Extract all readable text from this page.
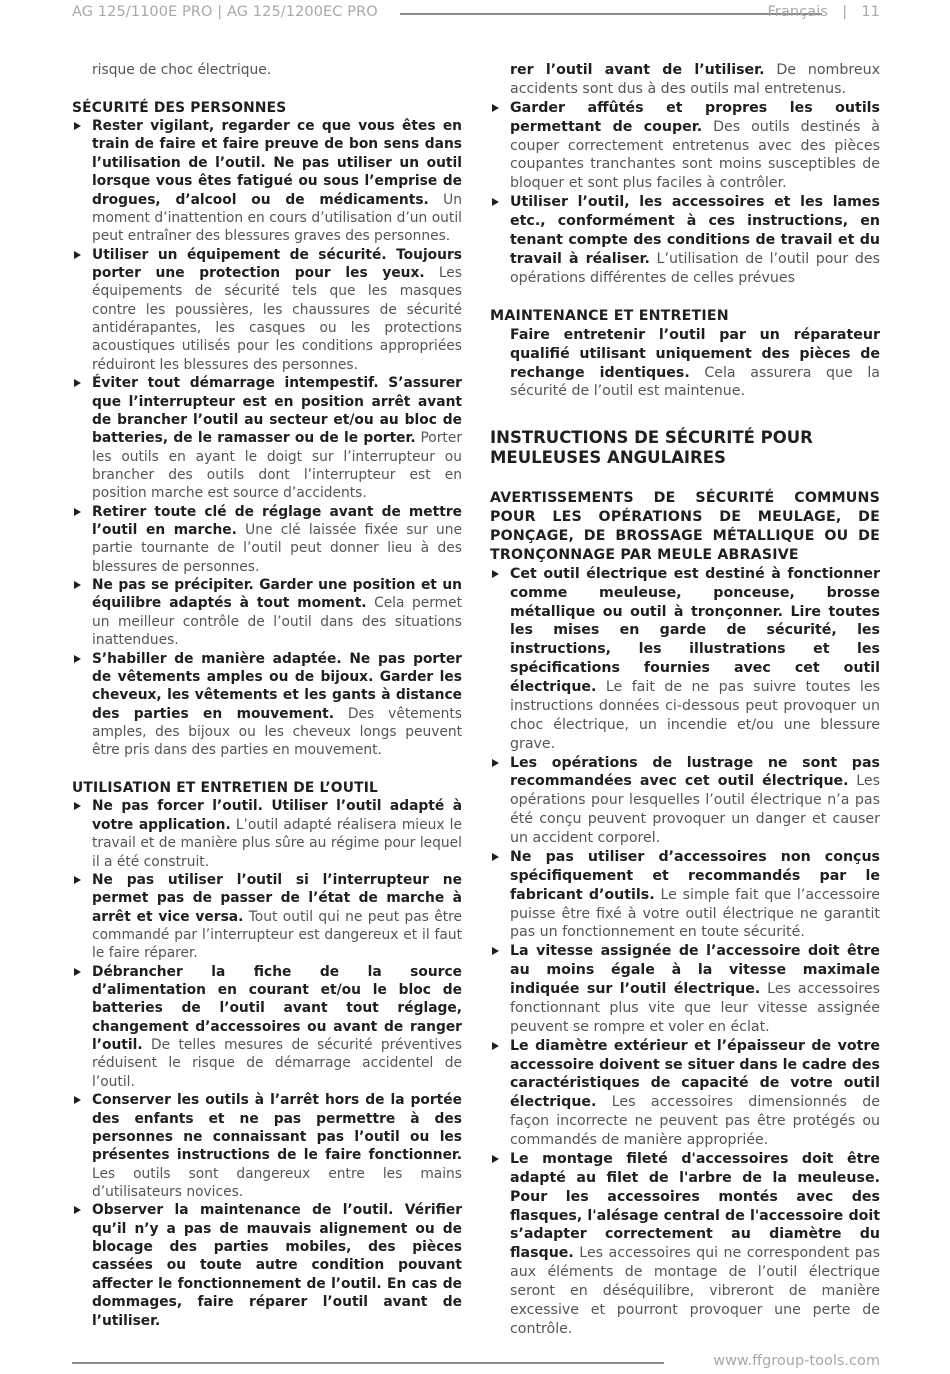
AG 125/1100E PRO | AG 125/1200EC PRO	Français | 11

risque de choc électrique.

SÉCURITÉ DES PERSONNES

Rester vigilant, regarder ce que vous êtes en train de faire et faire preuve de bon sens dans l’utilisation de l’outil. Ne pas utiliser un outil lorsque vous êtes fatigué ou sous l’emprise de drogues, d’alcool ou de médicaments. Un moment d’inattention en cours d’utilisation d’un outil peut entraîner des blessures graves des personnes.
Utiliser un équipement de sécurité. Toujours porter une protection pour les yeux. Les équipements de sécurité tels que les masques contre les poussières, les chaussures de sécurité antidérapantes, les casques ou les protections acoustiques utilisés pour les conditions appropriées réduiront les blessures des personnes.
Éviter tout démarrage intempestif. S’assurer que l’interrupteur est en position arrêt avant de brancher l’outil au secteur et/ou au bloc de batteries, de le ramasser ou de le porter. Porter les outils en ayant le doigt sur l’interrupteur ou brancher des outils dont l’interrupteur est en position marche est source d’accidents.
Retirer toute clé de réglage avant de mettre l’outil en marche. Une clé laissée fixée sur une partie tournante de l’outil peut donner lieu à des blessures de personnes.
Ne pas se précipiter. Garder une position et un équilibre adaptés à tout moment. Cela permet un meilleur contrôle de l’outil dans des situations inattendues.
S’habiller de manière adaptée. Ne pas porter de vêtements amples ou de bijoux. Garder les cheveux, les vêtements et les gants à distance des parties en mouvement. Des vêtements amples, des bijoux ou les cheveux longs peuvent être pris dans des parties en mouvement.

UTILISATION ET ENTRETIEN DE L’OUTIL

Ne pas forcer l’outil. Utiliser l’outil adapté à votre application. L’outil adapté réalisera mieux le travail et de manière plus sûre au régime pour lequel il a été construit.
Ne pas utiliser l’outil si l’interrupteur ne permet pas de passer de l’état de marche à arrêt et vice versa. Tout outil qui ne peut pas être commandé par l’interrupteur est dangereux et il faut le faire réparer.
Débrancher la fiche de la source d’alimentation en courant et/ou le bloc de batteries de l’outil avant tout réglage, changement d’accessoires ou avant de ranger l’outil. De telles mesures de sécurité préventives réduisent le risque de démarrage accidentel de l’outil.
Conserver les outils à l’arrêt hors de la portée des enfants et ne pas permettre à des personnes ne connaissant pas l’outil ou les présentes instructions de le faire fonctionner. Les outils sont dangereux entre les mains d’utilisateurs novices.
Observer la maintenance de l’outil. Vérifier qu’il n’y a pas de mauvais alignement ou de blocage des parties mobiles, des pièces cassées ou toute autre condition pouvant affecter le fonctionnement de l’outil. En cas de dommages, faire réparer l’outil avant de l’utiliser.

rer l’outil avant de l’utiliser. De nombreux accidents sont dus à des outils mal entretenus.

Garder affûtés et propres les outils permettant de couper. Des outils destinés à couper correctement entretenus avec des pièces coupantes tranchantes sont moins susceptibles de bloquer et sont plus faciles à contrôler.
Utiliser l’outil, les accessoires et les lames etc., conformément à ces instructions, en tenant compte des conditions de travail et du travail à réaliser. L’utilisation de l’outil pour des opérations différentes de celles prévues

MAINTENANCE ET ENTRETIEN

Faire entretenir l’outil par un réparateur qualifié utilisant uniquement des pièces de rechange identiques. Cela assurera que la sécurité de l’outil est maintenue.

INSTRUCTIONS DE SÉCURITÉ POUR MEULEUSES ANGULAIRES

AVERTISSEMENTS DE SÉCURITÉ COMMUNS POUR LES OPÉRATIONS DE MEULAGE, DE PONÇAGE, DE BROSSAGE MÉTALLIQUE OU DE TRONÇONNAGE PAR MEULE ABRASIVE

Cet outil électrique est destiné à fonctionner comme meuleuse, ponceuse, brosse métallique ou outil à tronçonner. Lire toutes les mises en garde de sécurité, les instructions, les illustrations et les spécifications fournies avec cet outil électrique. Le fait de ne pas suivre toutes les instructions données ci-dessous peut provoquer un choc électrique, un incendie et/ou une blessure grave.
Les opérations de lustrage ne sont pas recommandées avec cet outil électrique. Les opérations pour lesquelles l’outil électrique n’a pas été conçu peuvent provoquer un danger et causer un accident corporel.
Ne pas utiliser d’accessoires non conçus spécifiquement et recommandés par le fabricant d’outils. Le simple fait que l’accessoire puisse être fixé à votre outil électrique ne garantit pas un fonctionnement en toute sécurité.
La vitesse assignée de l’accessoire doit être au moins égale à la vitesse maximale indiquée sur l’outil électrique. Les accessoires fonctionnant plus vite que leur vitesse assignée peuvent se rompre et voler en éclat.
Le diamètre extérieur et l’épaisseur de votre accessoire doivent se situer dans le cadre des caractéristiques de capacité de votre outil électrique. Les accessoires dimensionnés de façon incorrecte ne peuvent pas être protégés ou commandés de manière appropriée.
Le montage fileté d'accessoires doit être adapté au filet de l'arbre de la meuleuse. Pour les accessoires montés avec des flasques, l'alésage central de l'accessoire doit s’adapter correctement au diamètre du flasque. Les accessoires qui ne correspondent pas aux éléments de montage de l’outil électrique seront en déséquilibre, vibreront de manière excessive et pourront provoquer une perte de contrôle.
www.ffgroup-tools.com
